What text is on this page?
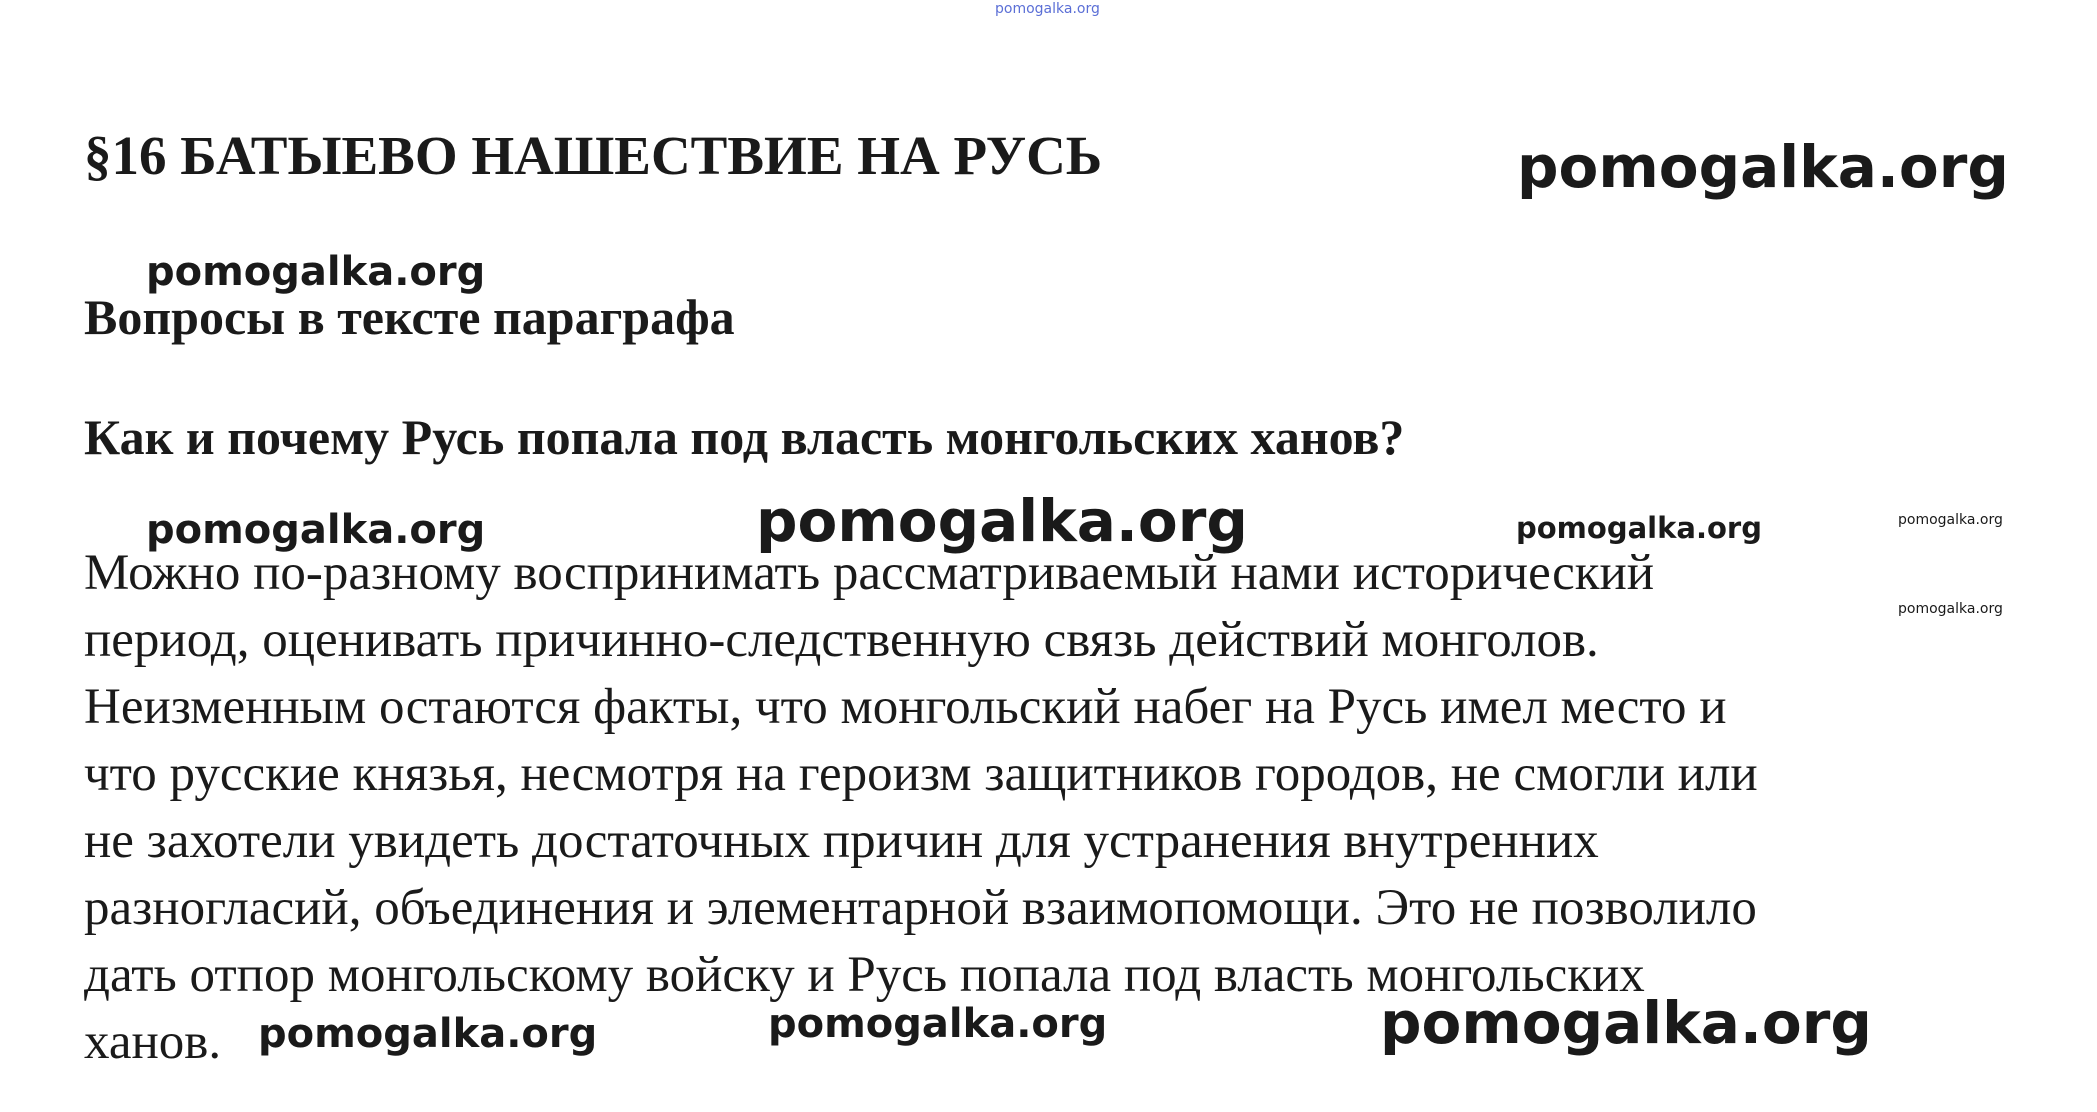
pomogalka.org
pomogalka.org
pomogalka.org
pomogalka.org	pomogalka.org	pomogalka.org	pomogalka.org
pomogalka.org
pomogalka.org	pomogalka.org	pomogalka.org
§16 БАТЫЕВО НАШЕСТВИЕ НА РУСЬ
Вопросы в тексте параграфа
Как и почему Русь попала под власть монгольских ханов?

Можно по-разному воспринимать рассматриваемый нами исторический
период, оценивать причинно-следственную связь действий монголов.
Неизменным остаются факты, что монгольский набег на Русь имел место и
что русские князья, несмотря на героизм защитников городов, не смогли или
не захотели увидеть достаточных причин для устранения внутренних
разногласий, объединения и элементарной взаимопомощи. Это не позволило
дать отпор монгольскому войску и Русь попала под власть монгольских
ханов.
